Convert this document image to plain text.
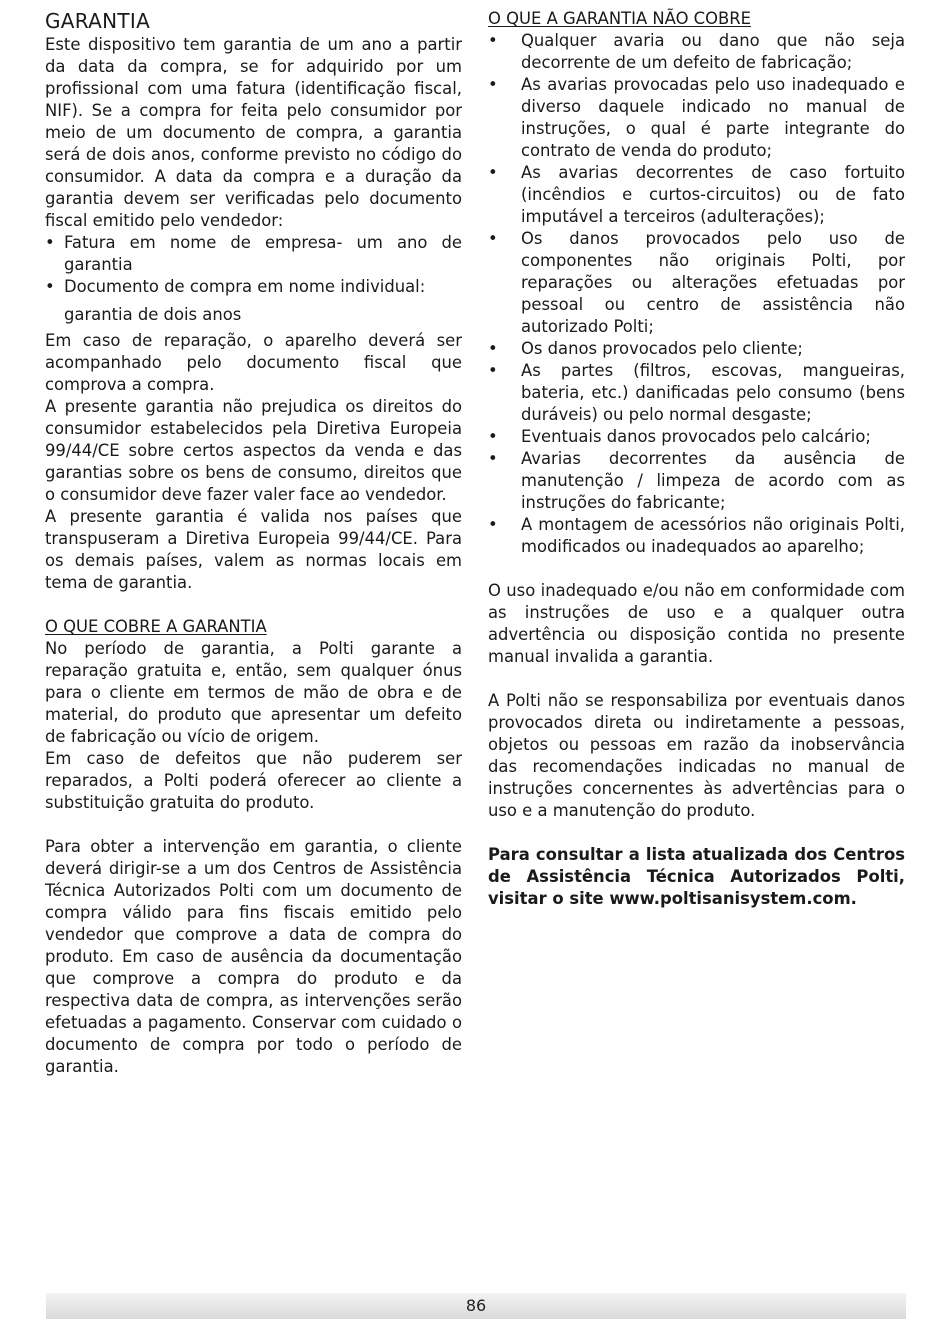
GARANTIA

Este dispositivo tem garantia de um ano a partir da data da compra, se for adquirido por um profissional com uma fatura (identificação fiscal, NIF). Se a compra for feita pelo consumidor por meio de um documento de compra, a garantia será de dois anos, conforme previsto no código do consumidor. A data da compra e a duração da garantia devem ser verificadas pelo documento fiscal emitido pelo vendedor:

• Fatura em nome de empresa- um ano de garantia
• Documento de compra em nome individual:
garantia de dois anos

Em caso de reparação, o aparelho deverá ser acompanhado pelo documento fiscal que comprova a compra.

A presente garantia não prejudica os direitos do consumidor estabelecidos pela Diretiva Europeia 99/44/CE sobre certos aspectos da venda e das garantias sobre os bens de consumo, direitos que o consumidor deve fazer valer face ao vendedor.

A presente garantia é valida nos países que transpuseram a Diretiva Europeia 99/44/CE. Para os demais países, valem as normas locais em tema de garantia.

O QUE COBRE A GARANTIA

No período de garantia, a Polti garante a reparação gratuita e, então, sem qualquer ónus para o cliente em termos de mão de obra e de material, do produto que apresentar um defeito de fabricação ou vício de origem.

Em caso de defeitos que não puderem ser reparados, a Polti poderá oferecer ao cliente a substituição gratuita do produto.

Para obter a intervenção em garantia, o cliente deverá dirigir-se a um dos Centros de Assistência Técnica Autorizados Polti com um documento de compra válido para fins fiscais emitido pelo vendedor que comprove a data de compra do produto. Em caso de ausência da documentação que comprove a compra do produto e da respectiva data de compra, as intervenções serão efetuadas a pagamento. Conservar com cuidado o documento de compra por todo o período de garantia.

O QUE A GARANTIA NÃO COBRE

• Qualquer avaria ou dano que não seja decorrente de um defeito de fabricação;
• As avarias provocadas pelo uso inadequado e diverso daquele indicado no manual de instruções, o qual é parte integrante do contrato de venda do produto;
• As avarias decorrentes de caso fortuito (incêndios e curtos-circuitos) ou de fato imputável a terceiros (adulterações);
• Os danos provocados pelo uso de componentes não originais Polti, por reparações ou alterações efetuadas por pessoal ou centro de assistência não autorizado Polti;
• Os danos provocados pelo cliente;
• As partes (filtros, escovas, mangueiras, bateria, etc.) danificadas pelo consumo (bens duráveis) ou pelo normal desgaste;
• Eventuais danos provocados pelo calcário;
• Avarias decorrentes da ausência de manutenção / limpeza de acordo com as instruções do fabricante;
• A montagem de acessórios não originais Polti, modificados ou inadequados ao aparelho;

O uso inadequado e/ou não em conformidade com as instruções de uso e a qualquer outra advertência ou disposição contida no presente manual invalida a garantia.

A Polti não se responsabiliza por eventuais danos provocados direta ou indiretamente a pessoas, objetos ou pessoas em razão da inobservância das recomendações indicadas no manual de instruções concernentes às advertências para o uso e a manutenção do produto.

Para consultar a lista atualizada dos Centros de Assistência Técnica Autorizados Polti, visitar o site www.poltisanisystem.com.

86
